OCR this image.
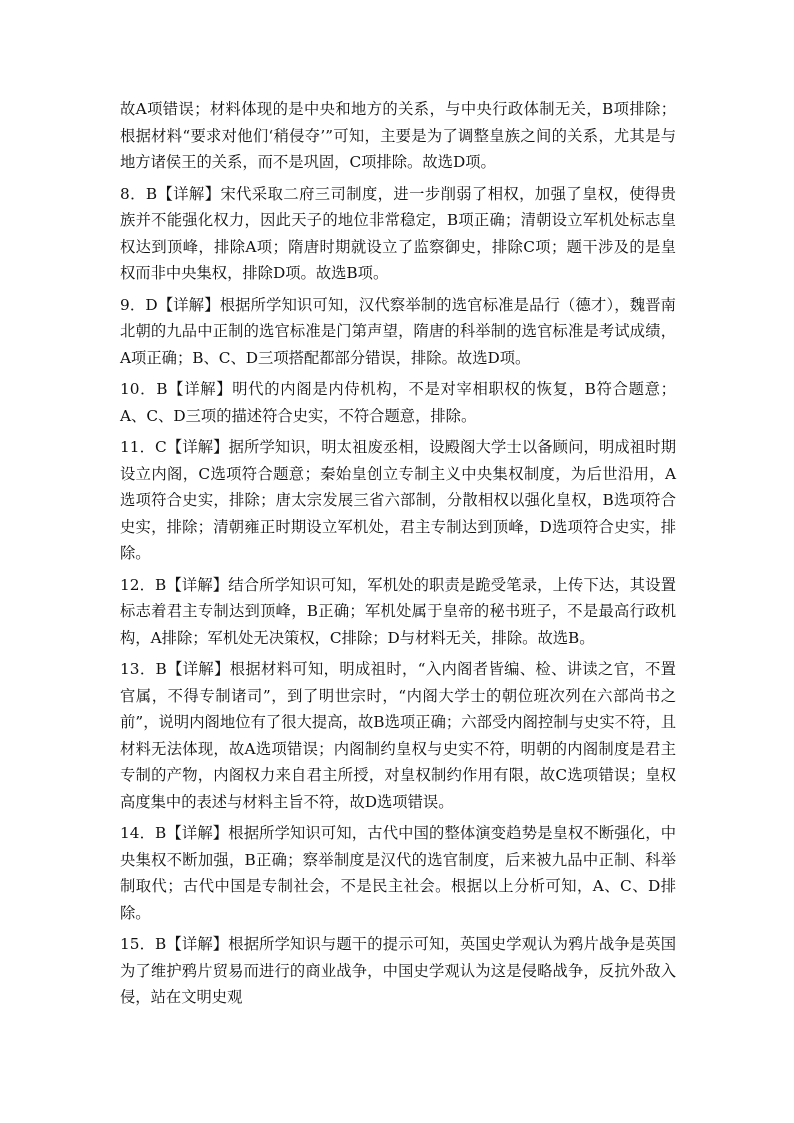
故A项错误；材料体现的是中央和地方的关系，与中央行政体制无关，B项排除；根据材料“要求对他们‘稍侵夺’”可知，主要是为了调整皇族之间的关系，尤其是与地方诸侯王的关系，而不是巩固，C项排除。故选D项。

8．B【详解】宋代采取二府三司制度，进一步削弱了相权，加强了皇权，使得贵族并不能强化权力，因此天子的地位非常稳定，B项正确；清朝设立军机处标志皇权达到顶峰，排除A项；隋唐时期就设立了监察御史，排除C项；题干涉及的是皇权而非中央集权，排除D项。故选B项。

9．D【详解】根据所学知识可知，汉代察举制的选官标准是品行（德才），魏晋南北朝的九品中正制的选官标准是门第声望，隋唐的科举制的选官标准是考试成绩， A项正确；B、C、D三项搭配都部分错误，排除。故选D项。

10．B【详解】明代的内阁是内侍机构，不是对宰相职权的恢复，B符合题意；A、C、D三项的描述符合史实，不符合题意，排除。

11．C【详解】据所学知识，明太祖废丞相，设殿阁大学士以备顾问，明成祖时期设立内阁，C选项符合题意；秦始皇创立专制主义中央集权制度，为后世沿用，A选项符合史实，排除；唐太宗发展三省六部制，分散相权以强化皇权，B选项符合史实，排除；清朝雍正时期设立军机处，君主专制达到顶峰，D选项符合史实，排除。

12．B【详解】结合所学知识可知，军机处的职责是跪受笔录，上传下达，其设置标志着君主专制达到顶峰，B正确；军机处属于皇帝的秘书班子，不是最高行政机构，A排除；军机处无决策权，C排除；D与材料无关，排除。故选B。

13．B【详解】根据材料可知，明成祖时，“入内阁者皆编、检、讲读之官，不置官属，不得专制诸司”，到了明世宗时，“内阁大学士的朝位班次列在六部尚书之前”，说明内阁地位有了很大提高，故B选项正确；六部受内阁控制与史实不符，且材料无法体现，故A选项错误；内阁制约皇权与史实不符，明朝的内阁制度是君主专制的产物，内阁权力来自君主所授，对皇权制约作用有限，故C选项错误；皇权高度集中的表述与材料主旨不符，故D选项错误。

14．B【详解】根据所学知识可知，古代中国的整体演变趋势是皇权不断强化，中央集权不断加强，B正确；察举制度是汉代的选官制度，后来被九品中正制、科举制取代；古代中国是专制社会，不是民主社会。根据以上分析可知，A、C、D排除。

15．B【详解】根据所学知识与题干的提示可知，英国史学观认为鸦片战争是英国为了维护鸦片贸易而进行的商业战争，中国史学观认为这是侵略战争，反抗外敌入侵，站在文明史观
